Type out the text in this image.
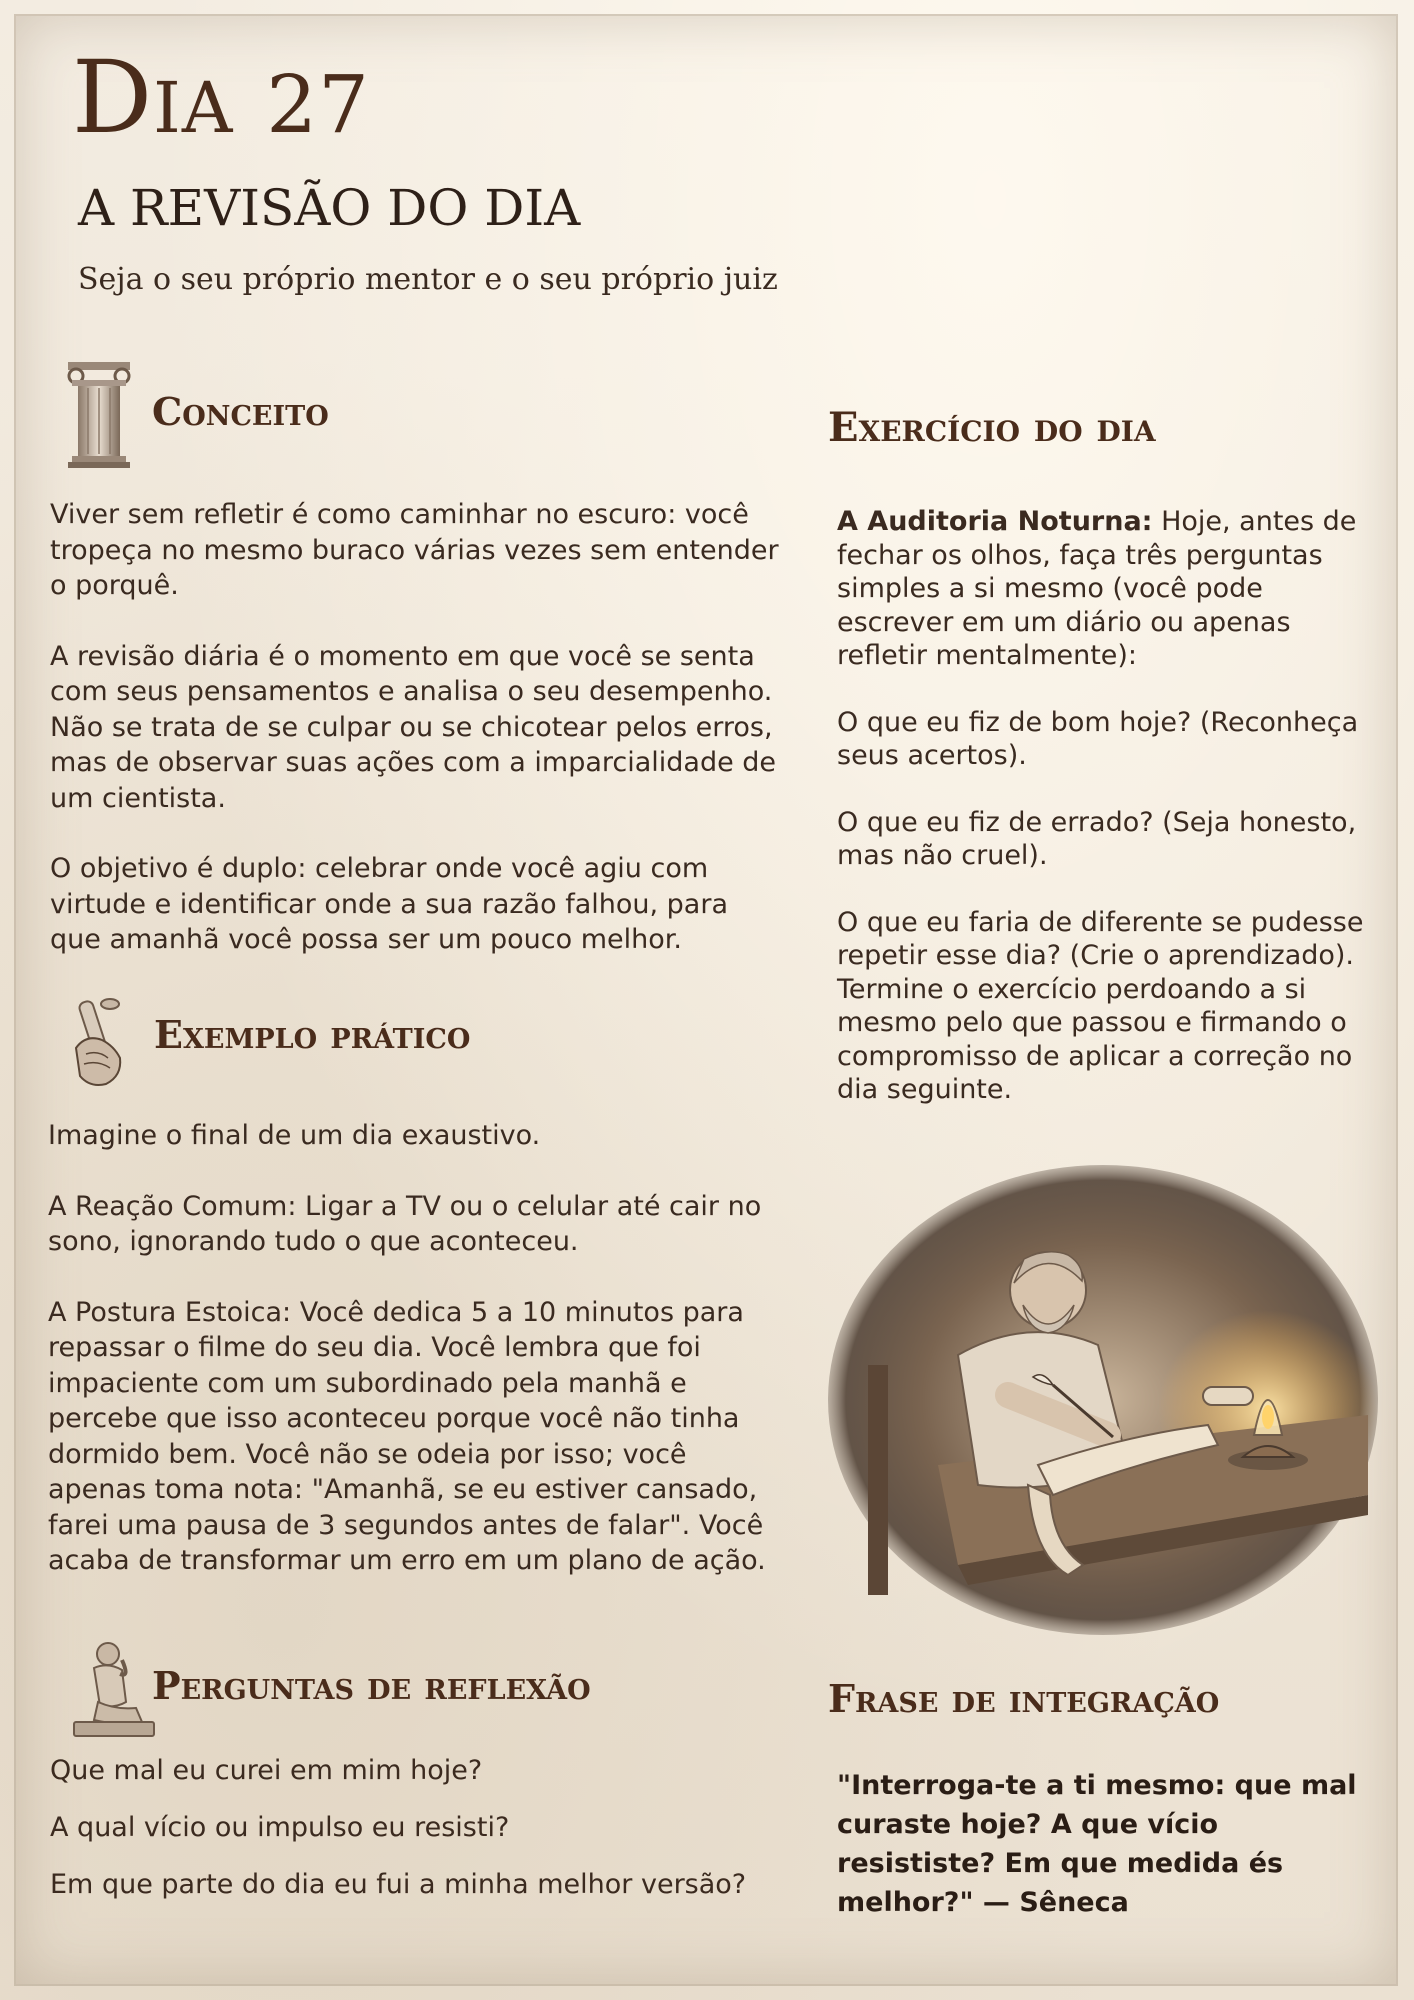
Dia 27
A REVISÃO DO DIA
Seja o seu próprio mentor e o seu próprio juiz
Conceito

Viver sem refletir é como caminhar no escuro: você tropeça no mesmo buraco várias vezes sem entender o porquê.

A revisão diária é o momento em que você se senta com seus pensamentos e analisa o seu desempenho. Não se trata de se culpar ou se chicotear pelos erros, mas de observar suas ações com a imparcialidade de um cientista.

O objetivo é duplo: celebrar onde você agiu com virtude e identificar onde a sua razão falhou, para que amanhã você possa ser um pouco melhor.

Exemplo prático

Imagine o final de um dia exaustivo.

A Reação Comum: Ligar a TV ou o celular até cair no sono, ignorando tudo o que aconteceu.

A Postura Estoica: Você dedica 5 a 10 minutos para repassar o filme do seu dia. Você lembra que foi impaciente com um subordinado pela manhã e percebe que isso aconteceu porque você não tinha dormido bem. Você não se odeia por isso; você apenas toma nota: "Amanhã, se eu estiver cansado, farei uma pausa de 3 segundos antes de falar". Você acaba de transformar um erro em um plano de ação.

Perguntas de reflexão
Que mal eu curei em mim hoje?
A qual vício ou impulso eu resisti?
Em que parte do dia eu fui a minha melhor versão?
Exercício do dia

A Auditoria Noturna: Hoje, antes de fechar os olhos, faça três perguntas simples a si mesmo (você pode escrever em um diário ou apenas refletir mentalmente):

O que eu fiz de bom hoje? (Reconheça seus acertos).

O que eu fiz de errado? (Seja honesto, mas não cruel).

O que eu faria de diferente se pudesse repetir esse dia? (Crie o aprendizado). Termine o exercício perdoando a si mesmo pelo que passou e firmando o compromisso de aplicar a correção no dia seguinte.

Frase de integração
"Interroga-te a ti mesmo: que mal curaste hoje? A que vício resististe? Em que medida és melhor?" — Sêneca
